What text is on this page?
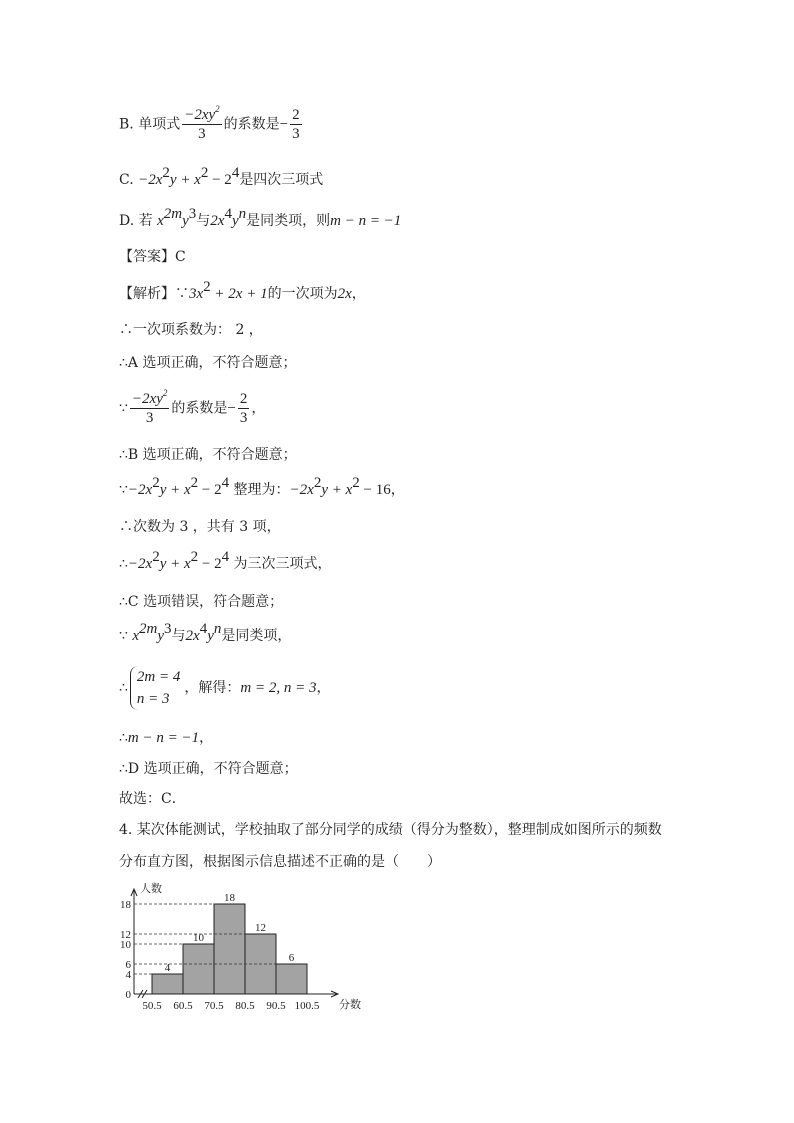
B. 单项式 $\frac{-2xy^2}{3}$ 的系数是− $\frac{2}{3}$
C. $-2x^2y + x^2 - 2^4$是四次三项式
D. 若 $x^{2m}y^3$与$2x^4y^n$是同类项，则m − n = −1
【答案】C
【解析】$\because 3x^2 + 2x + 1$的一次项为2x，
∴一次项系数为： 2 ，
∴A 选项正确，不符合题意；
∵ $\frac{-2xy^2}{3}$ 的系数是− $\frac{2}{3}$ ，
∴B 选项正确，不符合题意；
$\because-2x^2y + x^2 - 2^4$ 整理为：$-2x^2y + x^2 - 16$，
∴次数为 3 ，共有 3 项，
$\therefore-2x^2y + x^2 - 2^4$ 为三次三项式，
∴C 选项错误，符合题意；
∵ $x^{2m}y^3$与$2x^4y^n$是同类项，
∴
2m = 4
n = 3
，解得：m = 2, n = 3，
∴m − n = −1，
∴D 选项正确，不符合题意；
故选：C．
4. 某次体能测试，学校抽取了部分同学的成绩（得分为整数），整理制成如图所示的频数
分布直方图，根据图示信息描述不正确的是（　　）
人数
分数
4
10
18
12
6
0
4
6
10
12
18
50.5 60.5 70.5 80.5 90.5 100.5
